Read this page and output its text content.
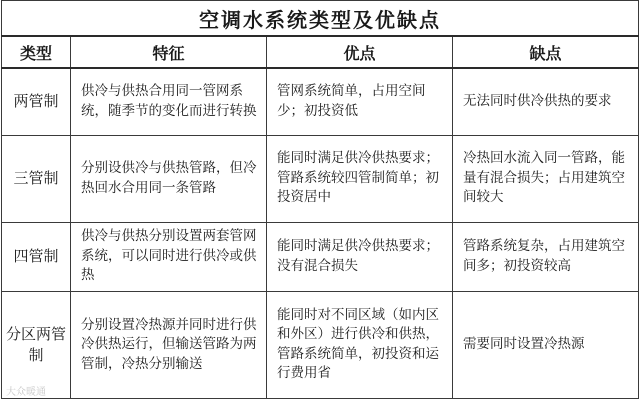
空调水系统类型及优缺点			
类型	特征	优点	缺点
两管制	供冷与供热合用同一管网系统，随季节的变化而进行转换	管网系统简单，占用空间少；初投资低	无法同时供冷供热的要求
三管制	分别设供冷与供热管路，但冷热回水合用同一条管路	能同时满足供冷供热要求；管路系统较四管制简单；初投资居中	冷热回水流入同一管路，能量有混合损失；占用建筑空间较大
四管制	供冷与供热分别设置两套管网系统，可以同时进行供冷或供热	能同时满足供冷供热要求；没有混合损失	管路系统复杂，占用建筑空间多；初投资较高
分区两管制	分别设置冷热源并同时进行供冷供热运行，但输送管路为两管制，冷热分别输送	能同时对不同区域（如内区和外区）进行供冷和供热，管路系统简单，初投资和运行费用省	需要同时设置冷热源
大众暖通
